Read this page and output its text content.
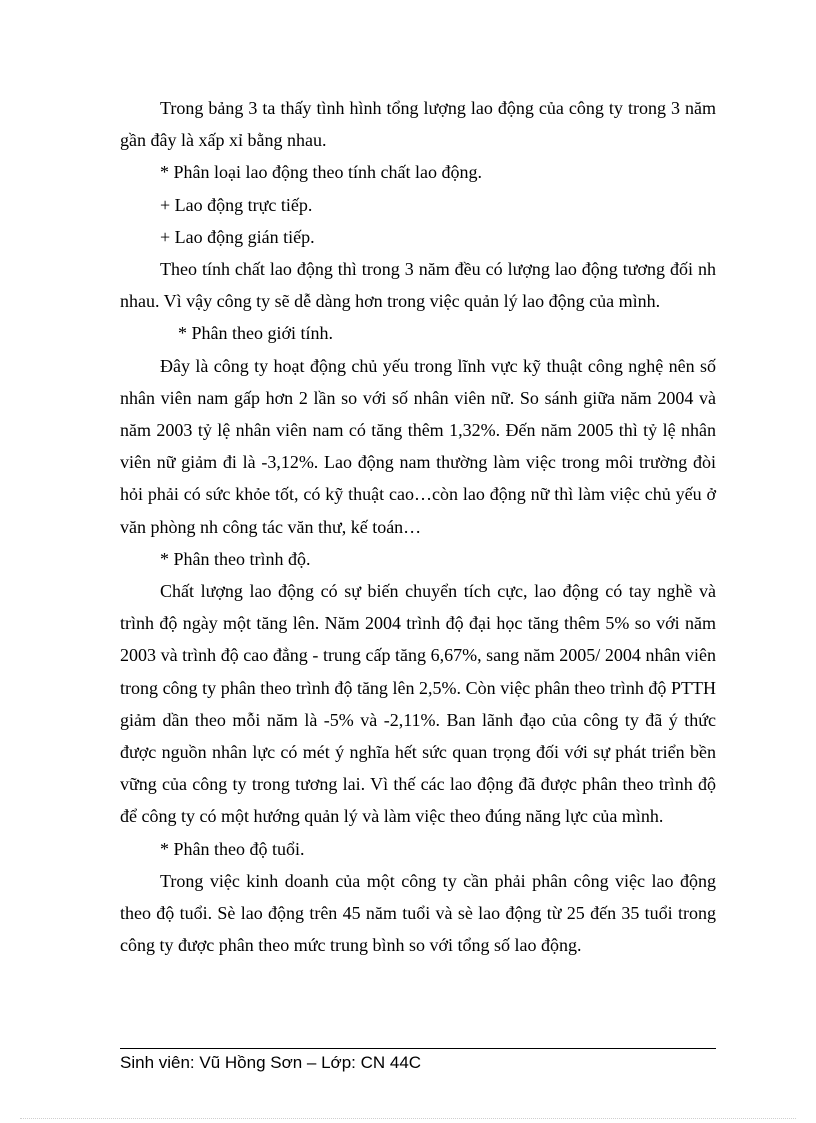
Trong bảng 3 ta thấy tình hình tổng lượng lao động của công ty trong 3 năm gần đây là xấp xỉ bằng nhau.

* Phân loại lao động theo tính chất lao động.

+ Lao động trực tiếp.

+ Lao động gián tiếp.

Theo tính chất lao động thì trong 3 năm đều có lượng lao động tương đối nh nhau. Vì vậy công ty sẽ dễ dàng hơn trong việc quản lý lao động của mình.

* Phân theo giới tính.

Đây là công ty hoạt động chủ yếu trong lĩnh vực kỹ thuật công nghệ nên số nhân viên nam gấp hơn 2 lần so với số nhân viên nữ. So sánh giữa năm 2004 và năm 2003 tỷ lệ nhân viên nam có tăng thêm 1,32%. Đến năm 2005 thì tỷ lệ nhân viên nữ giảm đi là -3,12%. Lao động nam thường làm việc trong môi trường đòi hỏi phải có sức khỏe tốt, có kỹ thuật cao…còn lao động nữ thì làm việc chủ yếu ở văn phòng nh công tác văn thư, kế toán…

* Phân theo trình độ.

Chất lượng lao động có sự biến chuyển tích cực, lao động có tay nghề và trình độ ngày một tăng lên. Năm 2004 trình độ đại học tăng thêm 5% so với năm 2003 và trình độ cao đẳng - trung cấp tăng 6,67%, sang năm 2005/ 2004 nhân viên trong công ty phân theo trình độ tăng lên 2,5%. Còn việc phân theo trình độ PTTH giảm dần theo mỗi năm là -5% và -2,11%. Ban lãnh đạo của công ty đã ý thức được nguồn nhân lực có mét ý nghĩa hết sức quan trọng đối với sự phát triển bền vững của công ty trong tương lai. Vì thế các lao động đã được phân theo trình độ để công ty có một hướng quản lý và làm việc theo đúng năng lực của mình.

* Phân theo độ tuổi.

Trong việc kinh doanh của một công ty cần phải phân công việc lao động theo độ tuổi. Sè lao động trên 45 năm tuổi và sè lao động từ 25 đến 35 tuổi trong công ty được phân theo mức trung bình so với tổng số lao động.

Sinh viên: Vũ Hồng Sơn – Lớp: CN 44C
